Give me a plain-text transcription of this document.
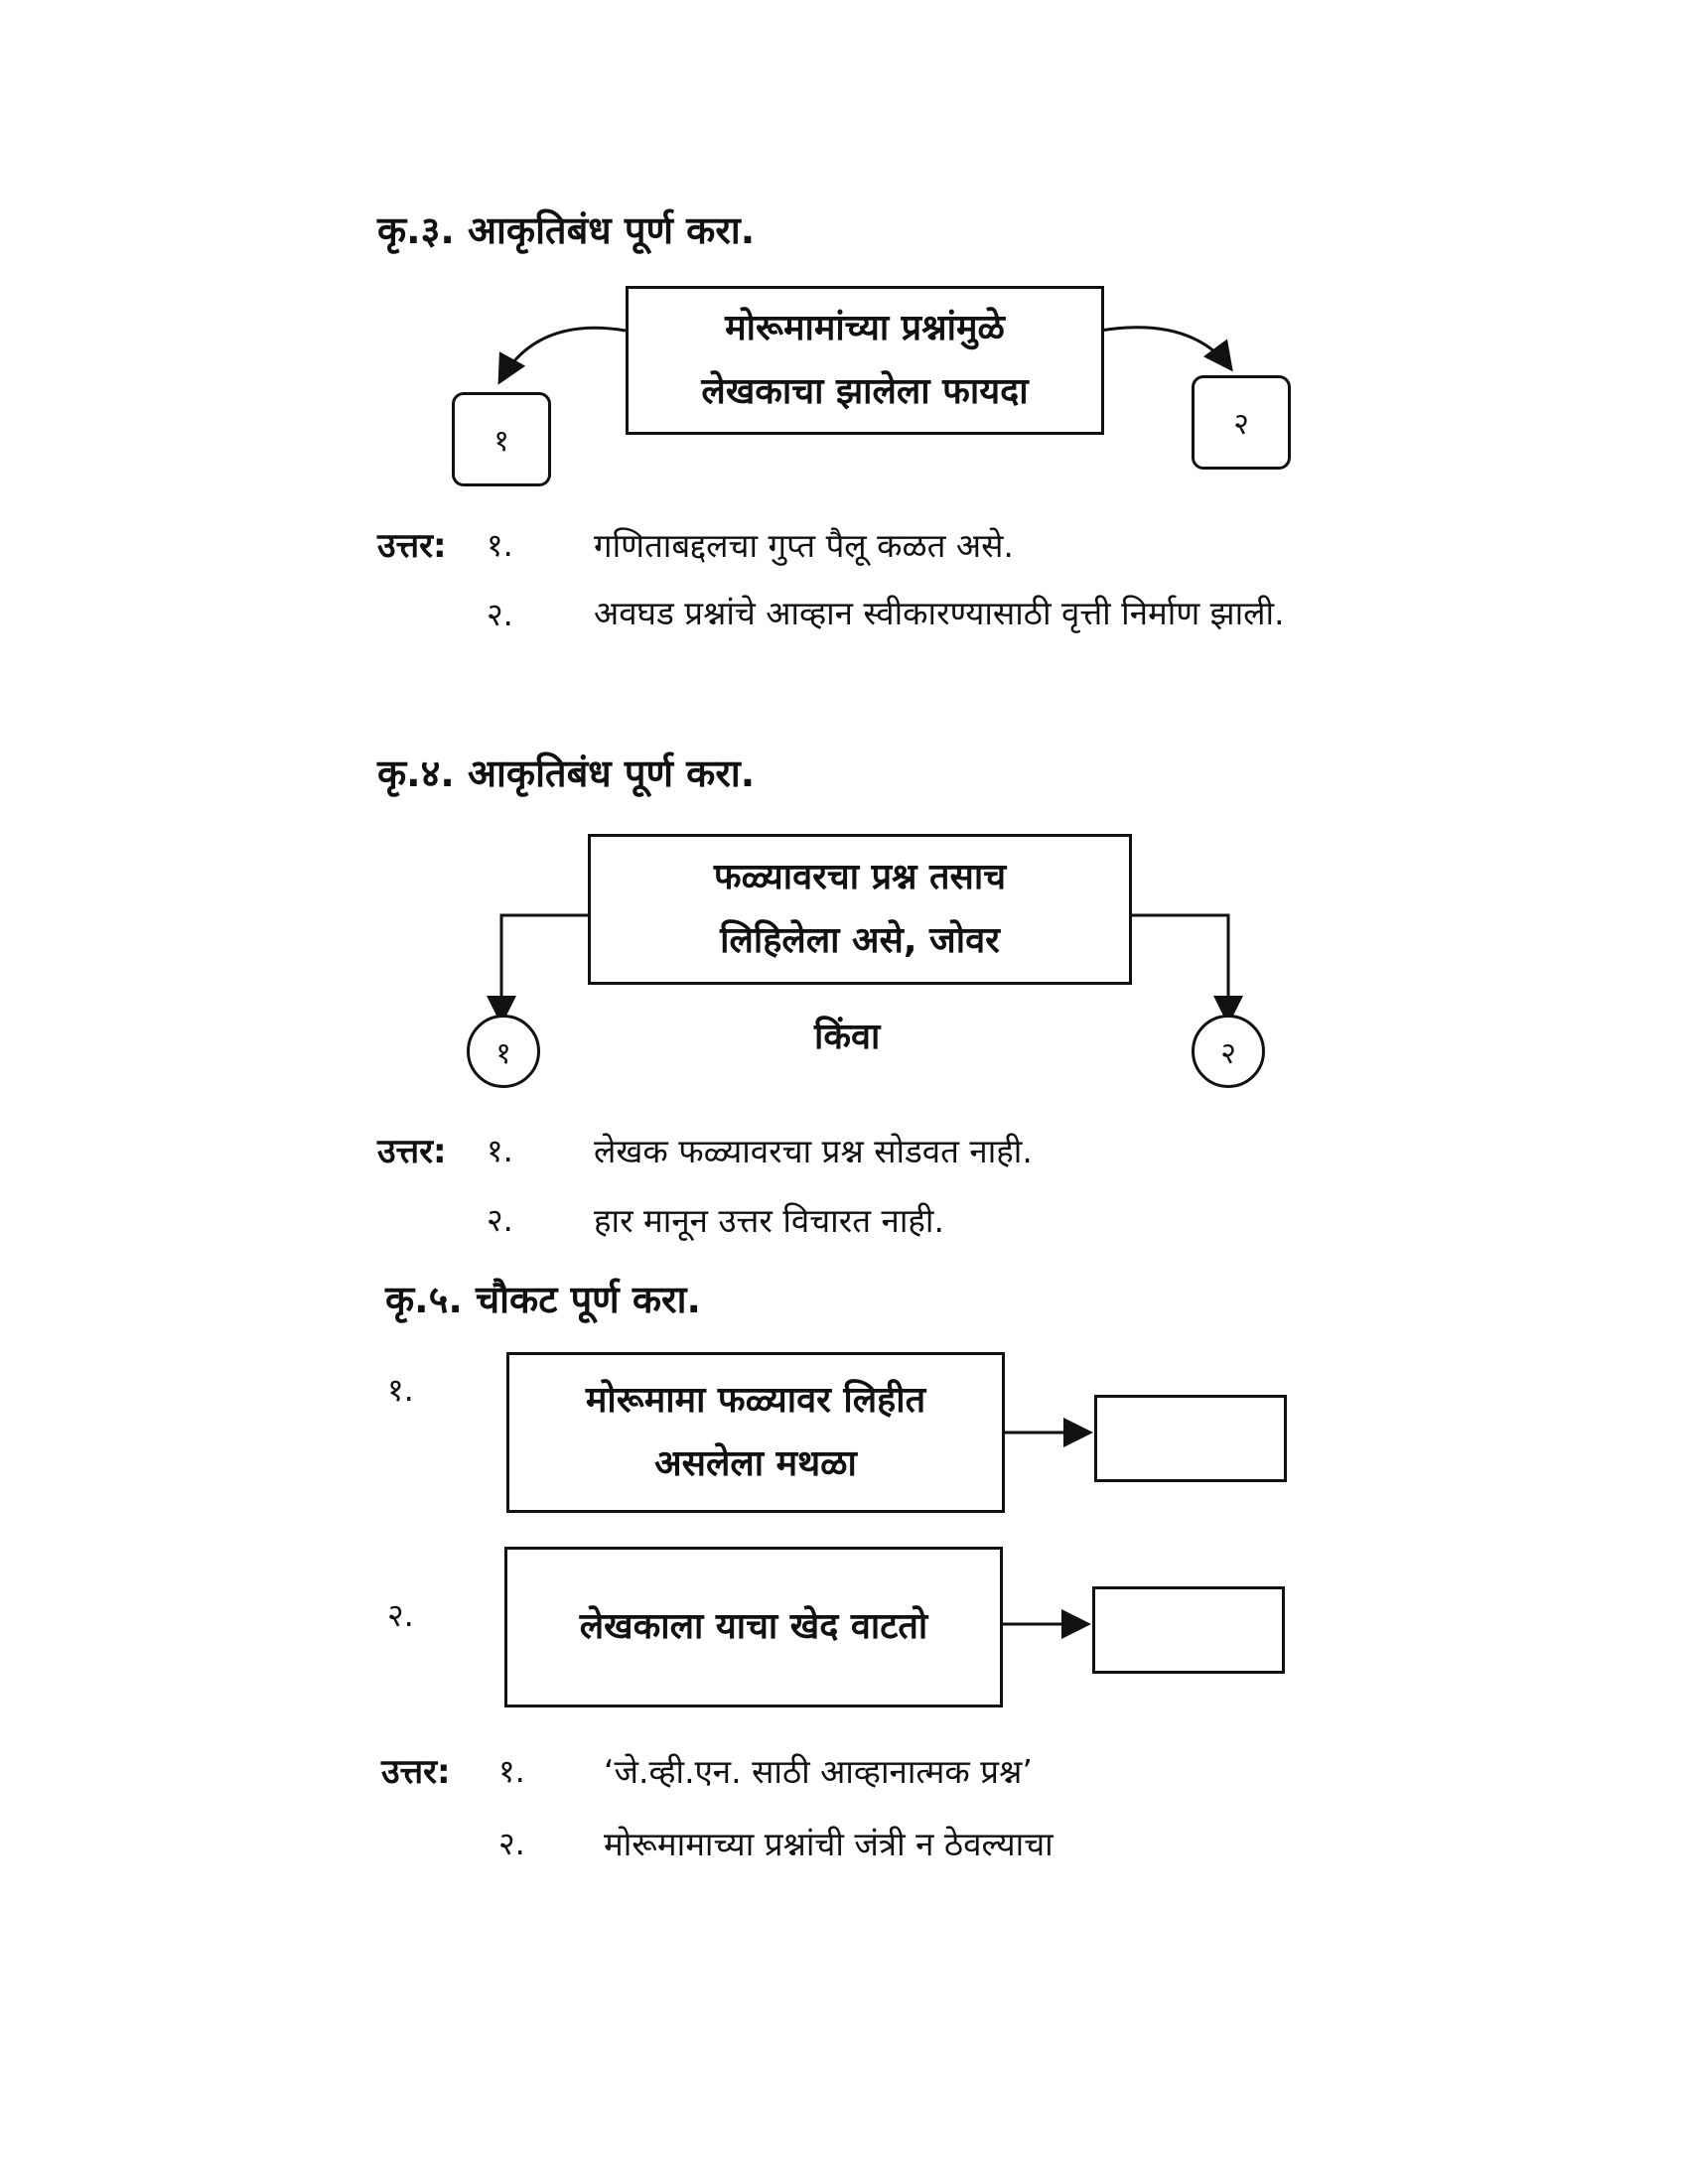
कृ.३. आकृतिबंध पूर्ण करा.
मोरूमामांच्या प्रश्नांमुळे
लेखकाचा झालेला फायदा
१	२
उत्तर: १. गणिताबद्दलचा गुप्त पैलू कळत असे.
२. अवघड प्रश्नांचे आव्हान स्वीकारण्यासाठी वृत्ती निर्माण झाली.
कृ.४. आकृतिबंध पूर्ण करा.
फळ्यावरचा प्रश्न तसाच
लिहिलेला असे, जोवर
१	२
किंवा
उत्तर: १. लेखक फळ्यावरचा प्रश्न सोडवत नाही.
२. हार मानून उत्तर विचारत नाही.
कृ.५. चौकट पूर्ण करा.
१.	मोरूमामा फळ्यावर लिहीत
असलेला मथळा
२.	लेखकाला याचा खेद वाटतो
उत्तर: १. ‘जे.व्ही.एन. साठी आव्हानात्मक प्रश्न’
२. मोरूमामाच्या प्रश्नांची जंत्री न ठेवल्याचा
